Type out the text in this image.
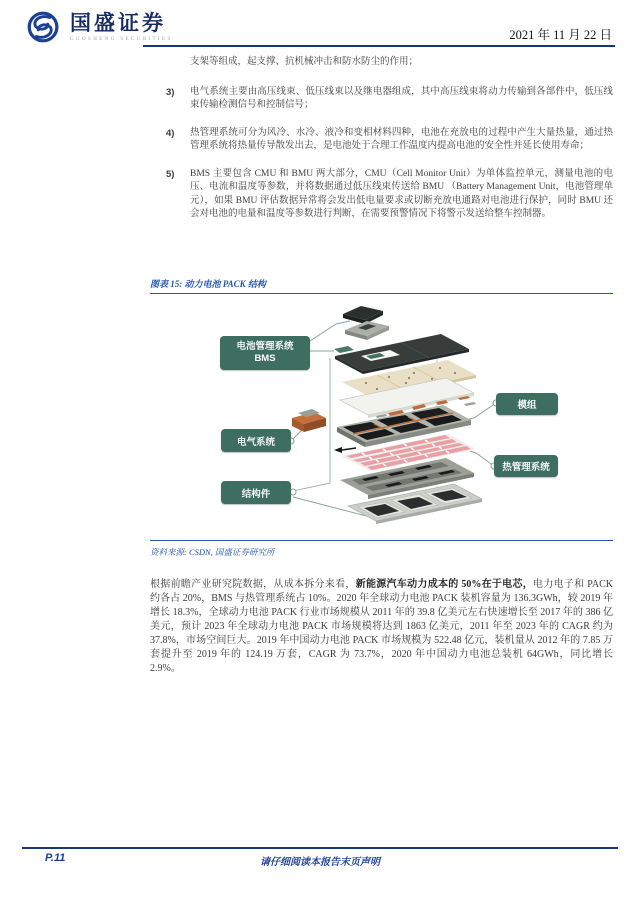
国盛证券
GUOSHENG SECURITIES	2021 年 11 月 22 日
支架等组成，起支撑、抗机械冲击和防水防尘的作用；
3) 电气系统主要由高压线束、低压线束以及继电器组成，其中高压线束将动力传输到各部件中，低压线束传输检测信号和控制信号；
4) 热管理系统可分为风冷、水冷、液冷和变相材料四种，电池在充放电的过程中产生大量热量，通过热管理系统将热量传导散发出去，是电池处于合理工作温度内提高电池的安全性并延长使用寿命；
5) BMS 主要包含 CMU 和 BMU 两大部分，CMU（Cell Monitor Unit）为单体监控单元，测量电池的电压、电流和温度等参数，并将数据通过低压线束传送给 BMU （Battery Management Unit，电池管理单元），如果 BMU 评估数据异常将会发出低电量要求或切断充放电通路对电池进行保护，同时 BMU 还会对电池的电量和温度等参数进行判断，在需要预警情况下将警示发送给整车控制器。
图表 15: 动力电池 PACK 结构
电池管理系统
BMS
模组
电气系统
热管理系统
结构件
资料来源: CSDN, 国盛证券研究所

根据前瞻产业研究院数据，从成本拆分来看，新能源汽车动力成本的 50%在于电芯，电力电子和 PACK 约各占 20%，BMS 与热管理系统占 10%。2020 年全球动力电池 PACK 装机容量为 136.3GWh，较 2019 年增长 18.3%，全球动力电池 PACK 行业市场规模从 2011 年的 39.8 亿美元左右快速增长至 2017 年的 386 亿美元，预计 2023 年全球动力电池 PACK 市场规模将达到 1863 亿美元，2011 年至 2023 年的 CAGR 约为 37.8%，市场空间巨大。2019 年中国动力电池 PACK 市场规模为 522.48 亿元，装机量从 2012 年的 7.85 万套提升至 2019 年的 124.19 万套，CAGR 为 73.7%，2020 年中国动力电池总装机 64GWh，同比增长 2.9%。

P.11	请仔细阅读本报告末页声明
